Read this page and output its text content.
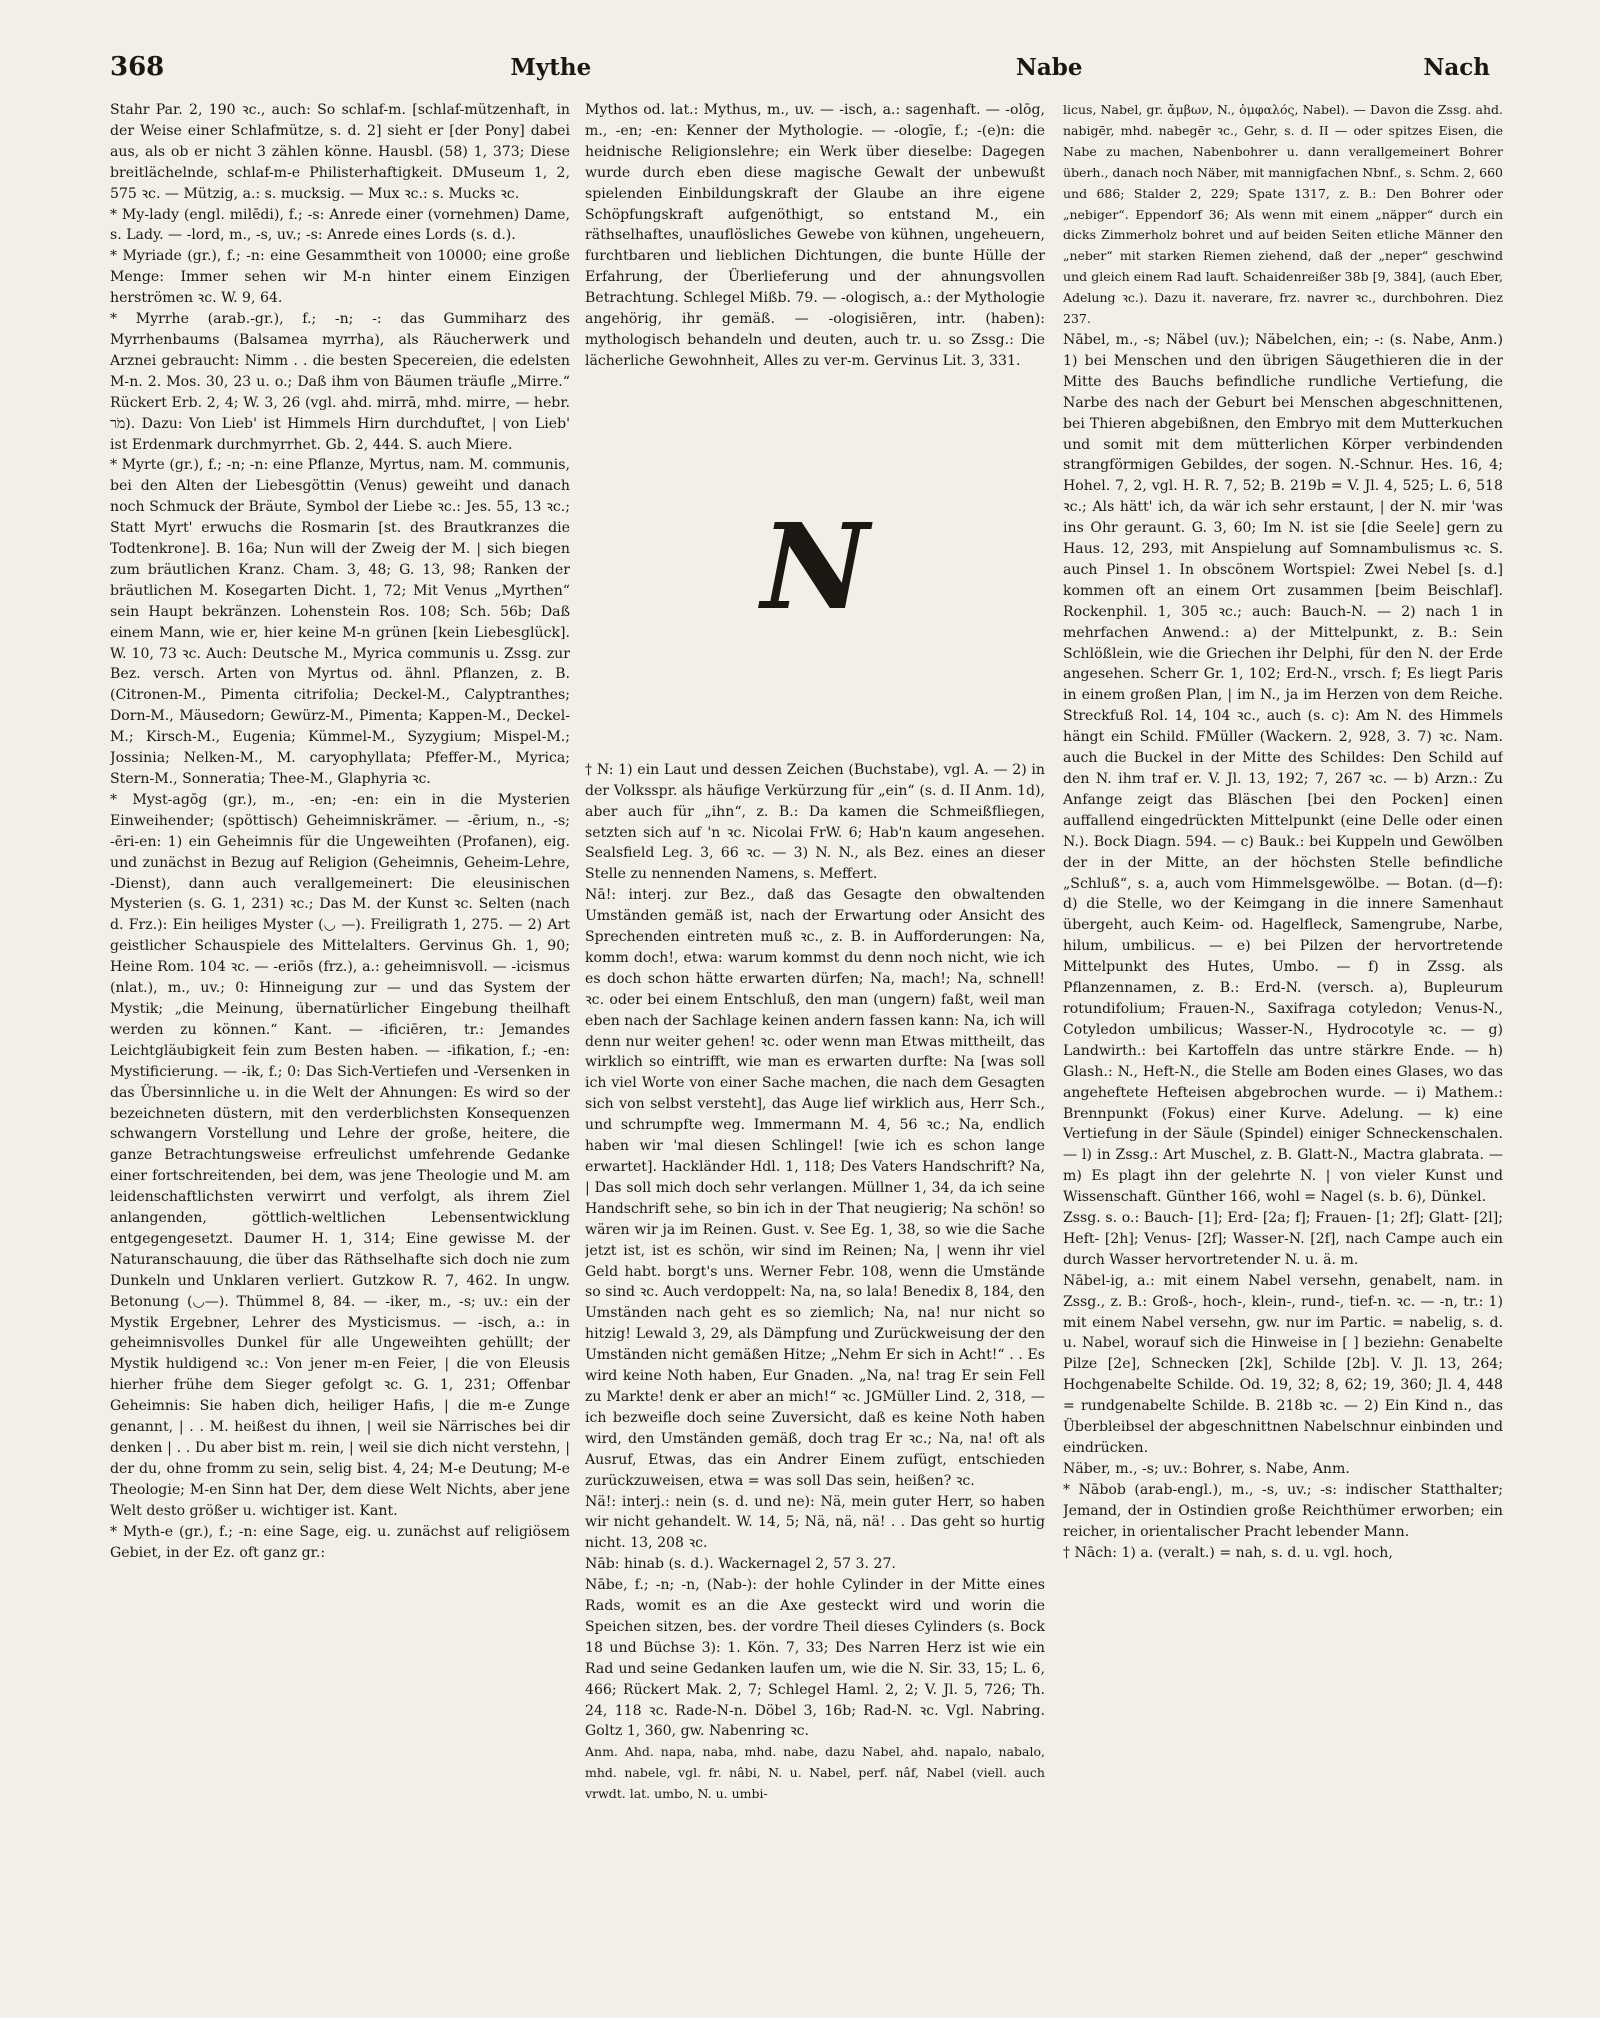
368	Mythe	Nabe	Nach

Stahr Par. 2, 190 ꝛc., auch: So schlaf-m. [schlaf-mützenhaft, in der Weise einer Schlafmütze, s. d. 2] sieht er [der Pony] dabei aus, als ob er nicht 3 zählen könne. Hausbl. (58) 1, 373; Diese breitlächelnde, schlaf-m-e Philisterhaftigkeit. DMuseum 1, 2, 575 ꝛc. — Mützig, a.: s. mucksig. — Mux ꝛc.: s. Mucks ꝛc.

* My-lady (engl. milēdi), f.; -s: Anrede einer (vornehmen) Dame, s. Lady. — -lord, m., -s, uv.; -s: Anrede eines Lords (s. d.).

* Myriade (gr.), f.; -n: eine Gesammtheit von 10000; eine große Menge: Immer sehen wir M-n hinter einem Einzigen herströmen ꝛc. W. 9, 64.

* Myrrhe (arab.-gr.), f.; -n; -: das Gummiharz des Myrrhenbaums (Balsamea myrrha), als Räucherwerk und Arznei gebraucht: Nimm . . die besten Specereien, die edelsten M-n. 2. Mos. 30, 23 u. o.; Daß ihm von Bäumen träufle „Mirre.“ Rückert Erb. 2, 4; W. 3, 26 (vgl. ahd. mirrā, mhd. mirre, — hebr. מֹר). Dazu: Von Lieb' ist Himmels Hirn durchduftet, | von Lieb' ist Erdenmark durchmyrrhet. Gb. 2, 444. S. auch Miere.

* Myrte (gr.), f.; -n; -n: eine Pflanze, Myrtus, nam. M. communis, bei den Alten der Liebesgöttin (Venus) geweiht und danach noch Schmuck der Bräute, Symbol der Liebe ꝛc.: Jes. 55, 13 ꝛc.; Statt Myrt' erwuchs die Rosmarin [st. des Brautkranzes die Todtenkrone]. B. 16a; Nun will der Zweig der M. | sich biegen zum bräutlichen Kranz. Cham. 3, 48; G. 13, 98; Ranken der bräutlichen M. Kosegarten Dicht. 1, 72; Mit Venus „Myrthen“ sein Haupt bekränzen. Lohenstein Ros. 108; Sch. 56b; Daß einem Mann, wie er, hier keine M-n grünen [kein Liebesglück]. W. 10, 73 ꝛc. Auch: Deutsche M., Myrica communis u. Zssg. zur Bez. versch. Arten von Myrtus od. ähnl. Pflanzen, z. B. (Citronen-M., Pimenta citrifolia; Deckel-M., Calyptranthes; Dorn-M., Mäusedorn; Gewürz-M., Pimenta; Kappen-M., Deckel-M.; Kirsch-M., Eugenia; Kümmel-M., Syzygium; Mispel-M.; Jossinia; Nelken-M., M. caryophyllata; Pfeffer-M., Myrica; Stern-M., Sonneratia; Thee-M., Glaphyria ꝛc.

* Myst-agōg (gr.), m., -en; -en: ein in die Mysterien Einweihender; (spöttisch) Geheimniskrämer. — -ērium, n., -s; -ēri-en: 1) ein Geheimnis für die Ungeweihten (Profanen), eig. und zunächst in Bezug auf Religion (Geheimnis, Geheim-Lehre, -Dienst), dann auch verallgemeinert: Die eleusinischen Mysterien (s. G. 1, 231) ꝛc.; Das M. der Kunst ꝛc. Selten (nach d. Frz.): Ein heiliges Myster (◡ —). Freiligrath 1, 275. — 2) Art geistlicher Schauspiele des Mittelalters. Gervinus Gh. 1, 90; Heine Rom. 104 ꝛc. — -eriōs (frz.), a.: geheimnisvoll. — -icismus (nlat.), m., uv.; 0: Hinneigung zur — und das System der Mystik; „die Meinung, übernatürlicher Eingebung theilhaft werden zu können.“ Kant. — -ificiēren, tr.: Jemandes Leichtgläubigkeit fein zum Besten haben. — -ifikation, f.; -en: Mystificierung. — -ik, f.; 0: Das Sich-Vertiefen und -Versenken in das Übersinnliche u. in die Welt der Ahnungen: Es wird so der bezeichneten düstern, mit den verderblichsten Konsequenzen schwangern Vorstellung und Lehre der große, heitere, die ganze Betrachtungsweise erfreulichst umfehrende Gedanke einer fortschreitenden, bei dem, was jene Theologie und M. am leidenschaftlichsten verwirrt und verfolgt, als ihrem Ziel anlangenden, göttlich-weltlichen Lebensentwicklung entgegengesetzt. Daumer H. 1, 314; Eine gewisse M. der Naturanschauung, die über das Räthselhafte sich doch nie zum Dunkeln und Unklaren verliert. Gutzkow R. 7, 462. In ungw. Betonung (◡—). Thümmel 8, 84. — -iker, m., -s; uv.: ein der Mystik Ergebner, Lehrer des Mysticismus. — -isch, a.: in geheimnisvolles Dunkel für alle Ungeweihten gehüllt; der Mystik huldigend ꝛc.: Von jener m-en Feier, | die von Eleusis hierher frühe dem Sieger gefolgt ꝛc. G. 1, 231; Offenbar Geheimnis: Sie haben dich, heiliger Hafis, | die m-e Zunge genannt, | . . M. heißest du ihnen, | weil sie Närrisches bei dir denken | . . Du aber bist m. rein, | weil sie dich nicht verstehn, | der du, ohne fromm zu sein, selig bist. 4, 24; M-e Deutung; M-e Theologie; M-en Sinn hat Der, dem diese Welt Nichts, aber jene Welt desto größer u. wichtiger ist. Kant.

* Myth-e (gr.), f.; -n: eine Sage, eig. u. zunächst auf religiösem Gebiet, in der Ez. oft ganz gr.:

Mythos od. lat.: Mythus, m., uv. — -isch, a.: sagenhaft. — -olōg, m., -en; -en: Kenner der Mythologie. — -ologīe, f.; -(e)n: die heidnische Religionslehre; ein Werk über dieselbe: Dagegen wurde durch eben diese magische Gewalt der unbewußt spielenden Einbildungskraft der Glaube an ihre eigene Schöpfungskraft aufgenöthigt, so entstand M., ein räthselhaftes, unauflösliches Gewebe von kühnen, ungeheuern, furchtbaren und lieblichen Dichtungen, die bunte Hülle der Erfahrung, der Überlieferung und der ahnungsvollen Betrachtung. Schlegel Mißb. 79. — -ologisch, a.: der Mythologie angehörig, ihr gemäß. — -ologisiēren, intr. (haben): mythologisch behandeln und deuten, auch tr. u. so Zssg.: Die lächerliche Gewohnheit, Alles zu ver-m. Gervinus Lit. 3, 331.

N

† N: 1) ein Laut und dessen Zeichen (Buchstabe), vgl. A. — 2) in der Volksspr. als häufige Verkürzung für „ein“ (s. d. II Anm. 1d), aber auch für „ihn“, z. B.: Da kamen die Schmeißfliegen, setzten sich auf 'n ꝛc. Nicolai FrW. 6; Hab'n kaum angesehen. Sealsfield Leg. 3, 66 ꝛc. — 3) N. N., als Bez. eines an dieser Stelle zu nennenden Namens, s. Meffert.

Nā!: interj. zur Bez., daß das Gesagte den obwaltenden Umständen gemäß ist, nach der Erwartung oder Ansicht des Sprechenden eintreten muß ꝛc., z. B. in Aufforderungen: Na, komm doch!, etwa: warum kommst du denn noch nicht, wie ich es doch schon hätte erwarten dürfen; Na, mach!; Na, schnell! ꝛc. oder bei einem Entschluß, den man (ungern) faßt, weil man eben nach der Sachlage keinen andern fassen kann: Na, ich will denn nur weiter gehen! ꝛc. oder wenn man Etwas mittheilt, das wirklich so eintrifft, wie man es erwarten durfte: Na [was soll ich viel Worte von einer Sache machen, die nach dem Gesagten sich von selbst versteht], das Auge lief wirklich aus, Herr Sch., und schrumpfte weg. Immermann M. 4, 56 ꝛc.; Na, endlich haben wir 'mal diesen Schlingel! [wie ich es schon lange erwartet]. Hackländer Hdl. 1, 118; Des Vaters Handschrift? Na, | Das soll mich doch sehr verlangen. Müllner 1, 34, da ich seine Handschrift sehe, so bin ich in der That neugierig; Na schön! so wären wir ja im Reinen. Gust. v. See Eg. 1, 38, so wie die Sache jetzt ist, ist es schön, wir sind im Reinen; Na, | wenn ihr viel Geld habt. borgt's uns. Werner Febr. 108, wenn die Umstände so sind ꝛc. Auch verdoppelt: Na, na, so lala! Benedix 8, 184, den Umständen nach geht es so ziemlich; Na, na! nur nicht so hitzig! Lewald 3, 29, als Dämpfung und Zurückweisung der den Umständen nicht gemäßen Hitze; „Nehm Er sich in Acht!“ . . Es wird keine Noth haben, Eur Gnaden. „Na, na! trag Er sein Fell zu Markte! denk er aber an mich!“ ꝛc. JGMüller Lind. 2, 318, — ich bezweifle doch seine Zuversicht, daß es keine Noth haben wird, den Umständen gemäß, doch trag Er ꝛc.; Na, na! oft als Ausruf, Etwas, das ein Andrer Einem zufügt, entschieden zurückzuweisen, etwa = was soll Das sein, heißen? ꝛc.

Nä!: interj.: nein (s. d. und ne): Nä, mein guter Herr, so haben wir nicht gehandelt. W. 14, 5; Nä, nä, nä! . . Das geht so hurtig nicht. 13, 208 ꝛc.

Nāb: hinab (s. d.). Wackernagel 2, 57 3. 27.

Nābe, f.; -n; -n, (Nab-): der hohle Cylinder in der Mitte eines Rads, womit es an die Axe gesteckt wird und worin die Speichen sitzen, bes. der vordre Theil dieses Cylinders (s. Bock 18 und Büchse 3): 1. Kön. 7, 33; Des Narren Herz ist wie ein Rad und seine Gedanken laufen um, wie die N. Sir. 33, 15; L. 6, 466; Rückert Mak. 2, 7; Schlegel Haml. 2, 2; V. Jl. 5, 726; Th. 24, 118 ꝛc. Rade-N-n. Döbel 3, 16b; Rad-N. ꝛc. Vgl. Nabring. Goltz 1, 360, gw. Nabenring ꝛc.

Anm. Ahd. napa, naba, mhd. nabe, dazu Nabel, ahd. napalo, nabalo, mhd. nabele, vgl. fr. nâbi, N. u. Nabel, perf. nâf, Nabel (viell. auch vrwdt. lat. umbo, N. u. umbi-

licus, Nabel, gr. ἄμβων, N., ὀμφαλός, Nabel). — Davon die Zssg. ahd. nabigēr, mhd. nabegēr ꝛc., Gehr, s. d. II — oder spitzes Eisen, die Nabe zu machen, Nabenbohrer u. dann verallgemeinert Bohrer überh., danach noch Näber, mit mannigfachen Nbnf., s. Schm. 2, 660 und 686; Stalder 2, 229; Spate 1317, z. B.: Den Bohrer oder „nebiger“. Eppendorf 36; Als wenn mit einem „näpper“ durch ein dicks Zimmerholz bohret und auf beiden Seiten etliche Männer den „neber“ mit starken Riemen ziehend, daß der „neper“ geschwind und gleich einem Rad lauft. Schaidenreißer 38b [9, 384], (auch Eber, Adelung ꝛc.). Dazu it. naverare, frz. navrer ꝛc., durchbohren. Diez 237.

Nābel, m., -s; Näbel (uv.); Näbelchen, ein; -: (s. Nabe, Anm.) 1) bei Menschen und den übrigen Säugethieren die in der Mitte des Bauchs befindliche rundliche Vertiefung, die Narbe des nach der Geburt bei Menschen abgeschnittenen, bei Thieren abgebißnen, den Embryo mit dem Mutterkuchen und somit mit dem mütterlichen Körper verbindenden strangförmigen Gebildes, der sogen. N.-Schnur. Hes. 16, 4; Hohel. 7, 2, vgl. H. R. 7, 52; B. 219b = V. Jl. 4, 525; L. 6, 518 ꝛc.; Als hätt' ich, da wär ich sehr erstaunt, | der N. mir 'was ins Ohr geraunt. G. 3, 60; Im N. ist sie [die Seele] gern zu Haus. 12, 293, mit Anspielung auf Somnambulismus ꝛc. S. auch Pinsel 1. In obscönem Wortspiel: Zwei Nebel [s. d.] kommen oft an einem Ort zusammen [beim Beischlaf]. Rockenphil. 1, 305 ꝛc.; auch: Bauch-N. — 2) nach 1 in mehrfachen Anwend.: a) der Mittelpunkt, z. B.: Sein Schlößlein, wie die Griechen ihr Delphi, für den N. der Erde angesehen. Scherr Gr. 1, 102; Erd-N., vrsch. f; Es liegt Paris in einem großen Plan, | im N., ja im Herzen von dem Reiche. Streckfuß Rol. 14, 104 ꝛc., auch (s. c): Am N. des Himmels hängt ein Schild. FMüller (Wackern. 2, 928, 3. 7) ꝛc. Nam. auch die Buckel in der Mitte des Schildes: Den Schild auf den N. ihm traf er. V. Jl. 13, 192; 7, 267 ꝛc. — b) Arzn.: Zu Anfange zeigt das Bläschen [bei den Pocken] einen auffallend eingedrückten Mittelpunkt (eine Delle oder einen N.). Bock Diagn. 594. — c) Bauk.: bei Kuppeln und Gewölben der in der Mitte, an der höchsten Stelle befindliche „Schluß“, s. a, auch vom Himmelsgewölbe. — Botan. (d—f): d) die Stelle, wo der Keimgang in die innere Samenhaut übergeht, auch Keim- od. Hagelfleck, Samengrube, Narbe, hilum, umbilicus. — e) bei Pilzen der hervortretende Mittelpunkt des Hutes, Umbo. — f) in Zssg. als Pflanzennamen, z. B.: Erd-N. (versch. a), Bupleurum rotundifolium; Frauen-N., Saxifraga cotyledon; Venus-N., Cotyledon umbilicus; Wasser-N., Hydrocotyle ꝛc. — g) Landwirth.: bei Kartoffeln das untre stärkre Ende. — h) Glash.: N., Heft-N., die Stelle am Boden eines Glases, wo das angeheftete Hefteisen abgebrochen wurde. — i) Mathem.: Brennpunkt (Fokus) einer Kurve. Adelung. — k) eine Vertiefung in der Säule (Spindel) einiger Schneckenschalen. — l) in Zssg.: Art Muschel, z. B. Glatt-N., Mactra glabrata. — m) Es plagt ihn der gelehrte N. | von vieler Kunst und Wissenschaft. Günther 166, wohl = Nagel (s. b. 6), Dünkel.

Zssg. s. o.: Bauch- [1]; Erd- [2a; f]; Frauen- [1; 2f]; Glatt- [2l]; Heft- [2h]; Venus- [2f]; Wasser-N. [2f], nach Campe auch ein durch Wasser hervortretender N. u. ä. m.

Nābel-ig, a.: mit einem Nabel versehn, genabelt, nam. in Zssg., z. B.: Groß-, hoch-, klein-, rund-, tief-n. ꝛc. — -n, tr.: 1) mit einem Nabel versehn, gw. nur im Partic. = nabelig, s. d. u. Nabel, worauf sich die Hinweise in [ ] beziehn: Genabelte Pilze [2e], Schnecken [2k], Schilde [2b]. V. Jl. 13, 264; Hochgenabelte Schilde. Od. 19, 32; 8, 62; 19, 360; Jl. 4, 448 = rundgenabelte Schilde. B. 218b ꝛc. — 2) Ein Kind n., das Überbleibsel der abgeschnittnen Nabelschnur einbinden und eindrücken.

Näber, m., -s; uv.: Bohrer, s. Nabe, Anm.

* Nābob (arab-engl.), m., -s, uv.; -s: indischer Statthalter; Jemand, der in Ostindien große Reichthümer erworben; ein reicher, in orientalischer Pracht lebender Mann.

† Nāch: 1) a. (veralt.) = nah, s. d. u. vgl. hoch,
